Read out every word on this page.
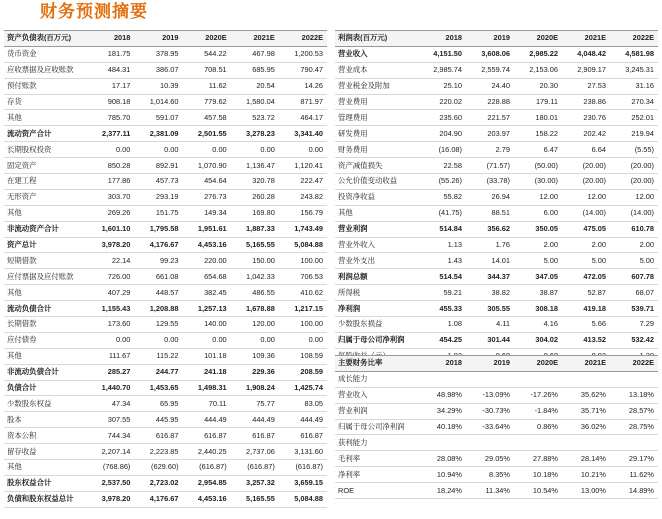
财务预测摘要
资产负债表(百万元)	2018	2019	2020E	2021E	2022E
货币资金	181.75	378.95	544.22	467.98	1,200.53
应收票据及应收账款	484.31	386.07	708.51	685.95	790.47
预付账款	17.17	10.39	11.62	20.54	14.26
存货	908.18	1,014.60	779.62	1,580.04	871.97
其他	785.70	591.07	457.58	523.72	464.17
流动资产合计	2,377.11	2,381.09	2,501.55	3,278.23	3,341.40
长期股权投资	0.00	0.00	0.00	0.00	0.00
固定资产	850.28	892.91	1,070.90	1,136.47	1,120.41
在建工程	177.86	457.73	454.64	320.78	222.47
无形资产	303.70	293.19	276.73	260.28	243.82
其他	269.26	151.75	149.34	169.80	156.79
非流动资产合计	1,601.10	1,795.58	1,951.61	1,887.33	1,743.49
资产总计	3,978.20	4,176.67	4,453.16	5,165.55	5,084.88
短期借款	22.14	99.23	220.00	150.00	100.00
应付票据及应付账款	726.00	661.08	654.68	1,042.33	706.53
其他	407.29	448.57	382.45	486.55	410.62
流动负债合计	1,155.43	1,208.88	1,257.13	1,678.88	1,217.15
长期借款	173.60	129.55	140.00	120.00	100.00
应付债券	0.00	0.00	0.00	0.00	0.00
其他	111.67	115.22	101.18	109.36	108.59
非流动负债合计	285.27	244.77	241.18	229.36	208.59
负债合计	1,440.70	1,453.65	1,498.31	1,908.24	1,425.74
少数股东权益	47.34	65.95	70.11	75.77	83.05
股本	307.55	445.95	444.49	444.49	444.49
资本公积	744.34	616.87	616.87	616.87	616.87
留存收益	2,207.14	2,223.85	2,440.25	2,737.06	3,131.60
其他	(768.86)	(629.60)	(616.87)	(616.87)	(616.87)
股东权益合计	2,537.50	2,723.02	2,954.85	3,257.32	3,659.15
负债和股东权益总计	3,978.20	4,176.67	4,453.16	5,165.55	5,084.88
利润表(百万元)	2018	2019	2020E	2021E	2022E
营业收入	4,151.50	3,608.06	2,985.22	4,048.42	4,581.98
营业成本	2,985.74	2,559.74	2,153.06	2,909.17	3,245.31
营业税金及附加	25.10	24.40	20.30	27.53	31.16
营业费用	220.02	228.88	179.11	238.86	270.34
管理费用	235.60	221.57	180.01	230.76	252.01
研发费用	204.90	203.97	158.22	202.42	219.94
财务费用	(16.08)	2.79	6.47	6.64	(5.55)
资产减值损失	22.58	(71.57)	(50.00)	(20.00)	(20.00)
公允价值变动收益	(55.26)	(33.78)	(30.00)	(20.00)	(20.00)
投资净收益	55.82	26.94	12.00	12.00	12.00
其他	(41.75)	88.51	6.00	(14.00)	(14.00)
营业利润	514.84	356.62	350.05	475.05	610.78
营业外收入	1.13	1.76	2.00	2.00	2.00
营业外支出	1.43	14.01	5.00	5.00	5.00
利润总额	514.54	344.37	347.05	472.05	607.78
所得税	59.21	38.82	38.87	52.87	68.07
净利润	455.33	305.55	308.18	419.18	539.71
少数股东损益	1.08	4.11	4.16	5.66	7.29
归属于母公司净利润	454.25	301.44	304.02	413.52	532.42

主要财务比率	2018	2019	2020E	2021E	2022E
成长能力					
营业收入	48.98%	-13.09%	-17.26%	35.62%	13.18%
营业利润	34.29%	-30.73%	-1.84%	35.71%	28.57%
归属于母公司净利润	40.18%	-33.64%	0.86%	36.02%	28.75%
获利能力					
毛利率	28.08%	29.05%	27.88%	28.14%	29.17%
净利率	10.94%	8.35%	10.18%	10.21%	11.62%
ROE	18.24%	11.34%	10.54%	13.00%	14.89%
